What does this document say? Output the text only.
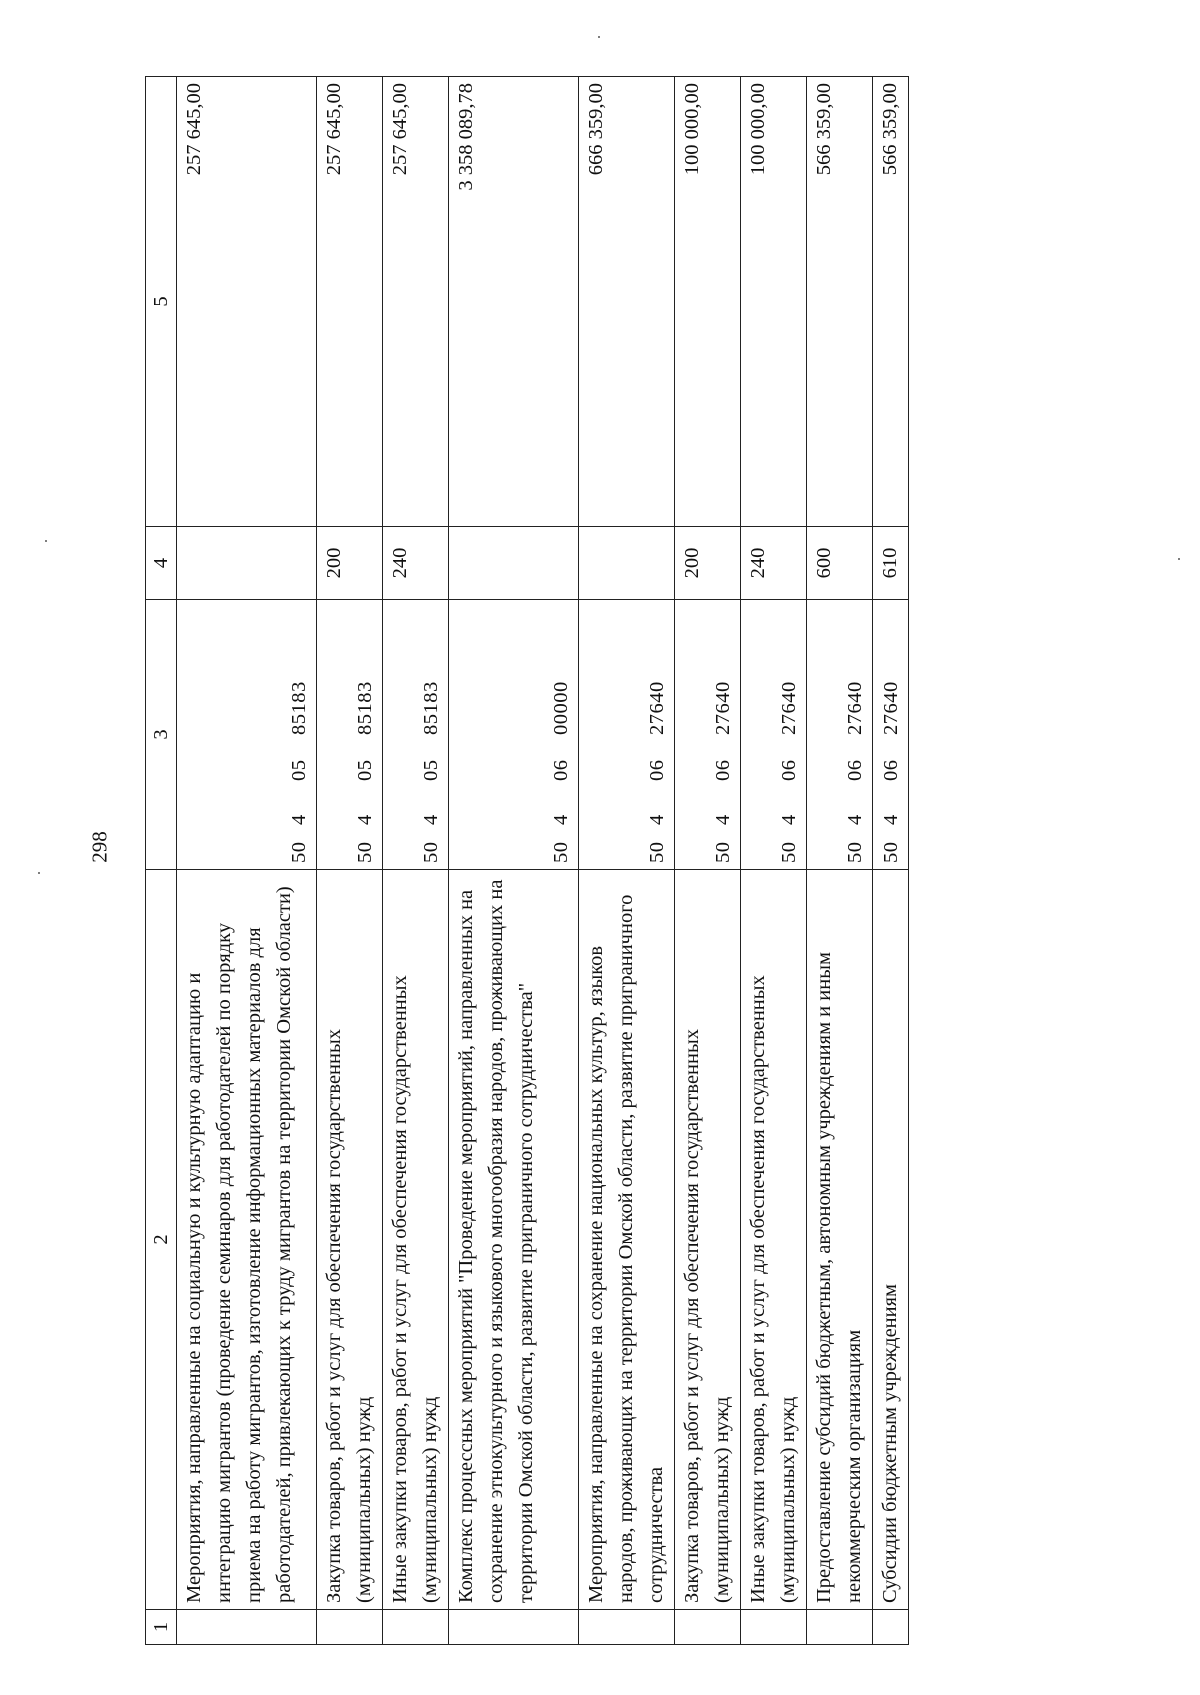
298
1	2	3	4	5
	Мероприятия, направленные на социальную и культурную адаптацию и интеграцию мигрантов (проведение семинаров для работодателей по порядку приема на работу мигрантов, изготовление информационных материалов для работодателей, привлекающих к труду мигрантов на территории Омской области)	5040585183		257 645,00
	Закупка товаров, работ и услуг для обеспечения государственных (муниципальных) нужд	5040585183	200	257 645,00
	Иные закупки товаров, работ и услуг для обеспечения государственных (муниципальных) нужд	5040585183	240	257 645,00
	Комплекс процессных мероприятий "Проведение мероприятий, направленных на сохранение этнокультурного и языкового многообразия народов, проживающих на территории Омской области, развитие приграничного сотрудничества"	5040600000		3 358 089,78
	Мероприятия, направленные на сохранение национальных культур, языков народов, проживающих на территории Омской области, развитие приграничного сотрудничества	5040627640		666 359,00
	Закупка товаров, работ и услуг для обеспечения государственных (муниципальных) нужд	5040627640	200	100 000,00
	Иные закупки товаров, работ и услуг для обеспечения государственных (муниципальных) нужд	5040627640	240	100 000,00
	Предоставление субсидий бюджетным, автономным учреждениям и иным некоммерческим организациям	5040627640	600	566 359,00
	Субсидии бюджетным учреждениям	5040627640	610	566 359,00
